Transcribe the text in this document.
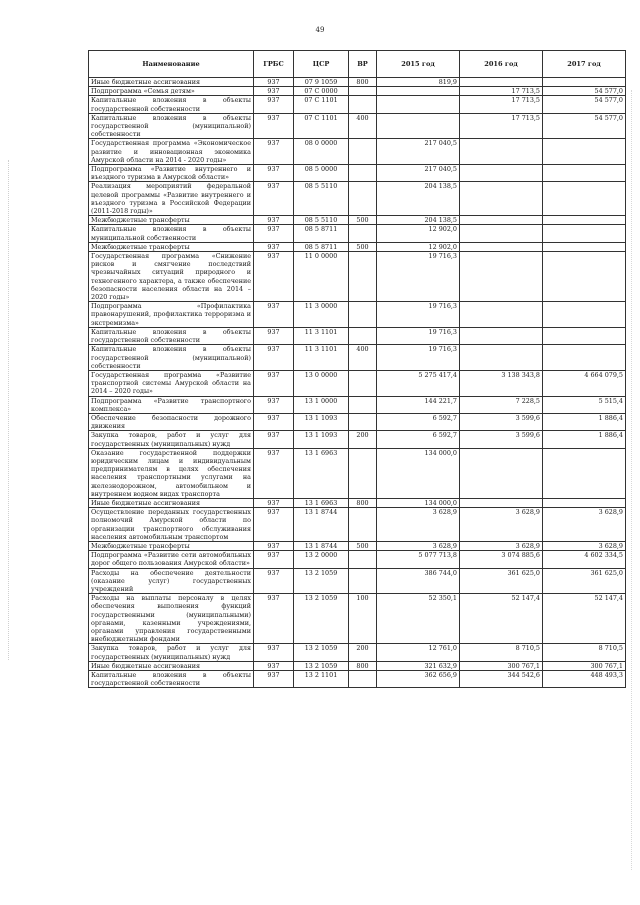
49
Наименование	ГРБС	ЦСР	ВР	2015 год	2016 год	2017 год
Иные бюджетные ассигнования	937	07 9 1059	800	819,9		
Подпрограмма «Семья детям»	937	07 С 0000			17 713,5	54 577,0
Капитальные вложения в объекты государственной собственности	937	07 С 1101			17 713,5	54 577,0
Капитальные вложения в объекты государственной (муниципальной) собственности	937	07 С 1101	400		17 713,5	54 577,0
Государственная программа «Экономическое развитие и инновационная экономика Амурской области на 2014 - 2020 годы»	937	08 0 0000		217 040,5		
Подпрограмма «Развитие внутреннего и въездного туризма в Амурской области»	937	08 5 0000		217 040,5		
Реализация мероприятий федеральной целевой программы «Развитие внутреннего и въездного туризма в Российской Федерации (2011-2018 годы)»	937	08 5 5110		204 138,5		
Межбюджетные трансферты	937	08 5 5110	500	204 138,5		
Капитальные вложения в объекты муниципальной собственности	937	08 5 8711		12 902,0		
Межбюджетные трансферты	937	08 5 8711	500	12 902,0		
Государственная программа «Снижение рисков и смягчение последствий чрезвычайных ситуаций природного и техногенного характера, а также обеспечение безопасности населения области на 2014 – 2020 годы»	937	11 0 0000		19 716,3		
Подпрограмма «Профилактика правонарушений, профилактика терроризма и экстремизма»	937	11 3 0000		19 716,3		
Капитальные вложения в объекты государственной собственности	937	11 3 1101		19 716,3		
Капитальные вложения в объекты государственной (муниципальной) собственности	937	11 3 1101	400	19 716,3		
Государственная программа «Развитие транспортной системы Амурской области на 2014 – 2020 годы»	937	13 0 0000		5 275 417,4	3 138 343,8	4 664 079,5
Подпрограмма «Развитие транспортного комплекса»	937	13 1 0000		144 221,7	7 228,5	5 515,4
Обеспечение безопасности дорожного движения	937	13 1 1093		6 592,7	3 599,6	1 886,4
Закупка товаров, работ и услуг для государственных (муниципальных) нужд	937	13 1 1093	200	6 592,7	3 599,6	1 886,4
Оказание государственной поддержки юридическим лицам и индивидуальным предпринимателям в целях обеспечения населения транспортными услугами на железнодорожном, автомобильном и внутреннем водном видах транспорта	937	13 1 6963		134 000,0		
Иные бюджетные ассигнования	937	13 1 6963	800	134 000,0		
Осуществление переданных государственных полномочий Амурской области по организации транспортного обслуживания населения автомобильным транспортом	937	13 1 8744		3 628,9	3 628,9	3 628,9
Межбюджетные трансферты	937	13 1 8744	500	3 628,9	3 628,9	3 628,9
Подпрограмма «Развитие сети автомобильных дорог общего пользования Амурской области»	937	13 2 0000		5 077 713,8	3 074 885,6	4 602 334,5
Расходы на обеспечение деятельности (оказание услуг) государственных учреждений	937	13 2 1059		386 744,0	361 625,0	361 625,0
Расходы на выплаты персоналу в целях обеспечения выполнения функций государственными (муниципальными) органами, казенными учреждениями, органами управления государственными внебюджетными фондами	937	13 2 1059	100	52 350,1	52 147,4	52 147,4
Закупка товаров, работ и услуг для государственных (муниципальных) нужд	937	13 2 1059	200	12 761,0	8 710,5	8 710,5
Иные бюджетные ассигнования	937	13 2 1059	800	321 632,9	300 767,1	300 767,1
Капитальные вложения в объекты государственной собственности	937	13 2 1101		362 656,9	344 542,6	448 493,3
